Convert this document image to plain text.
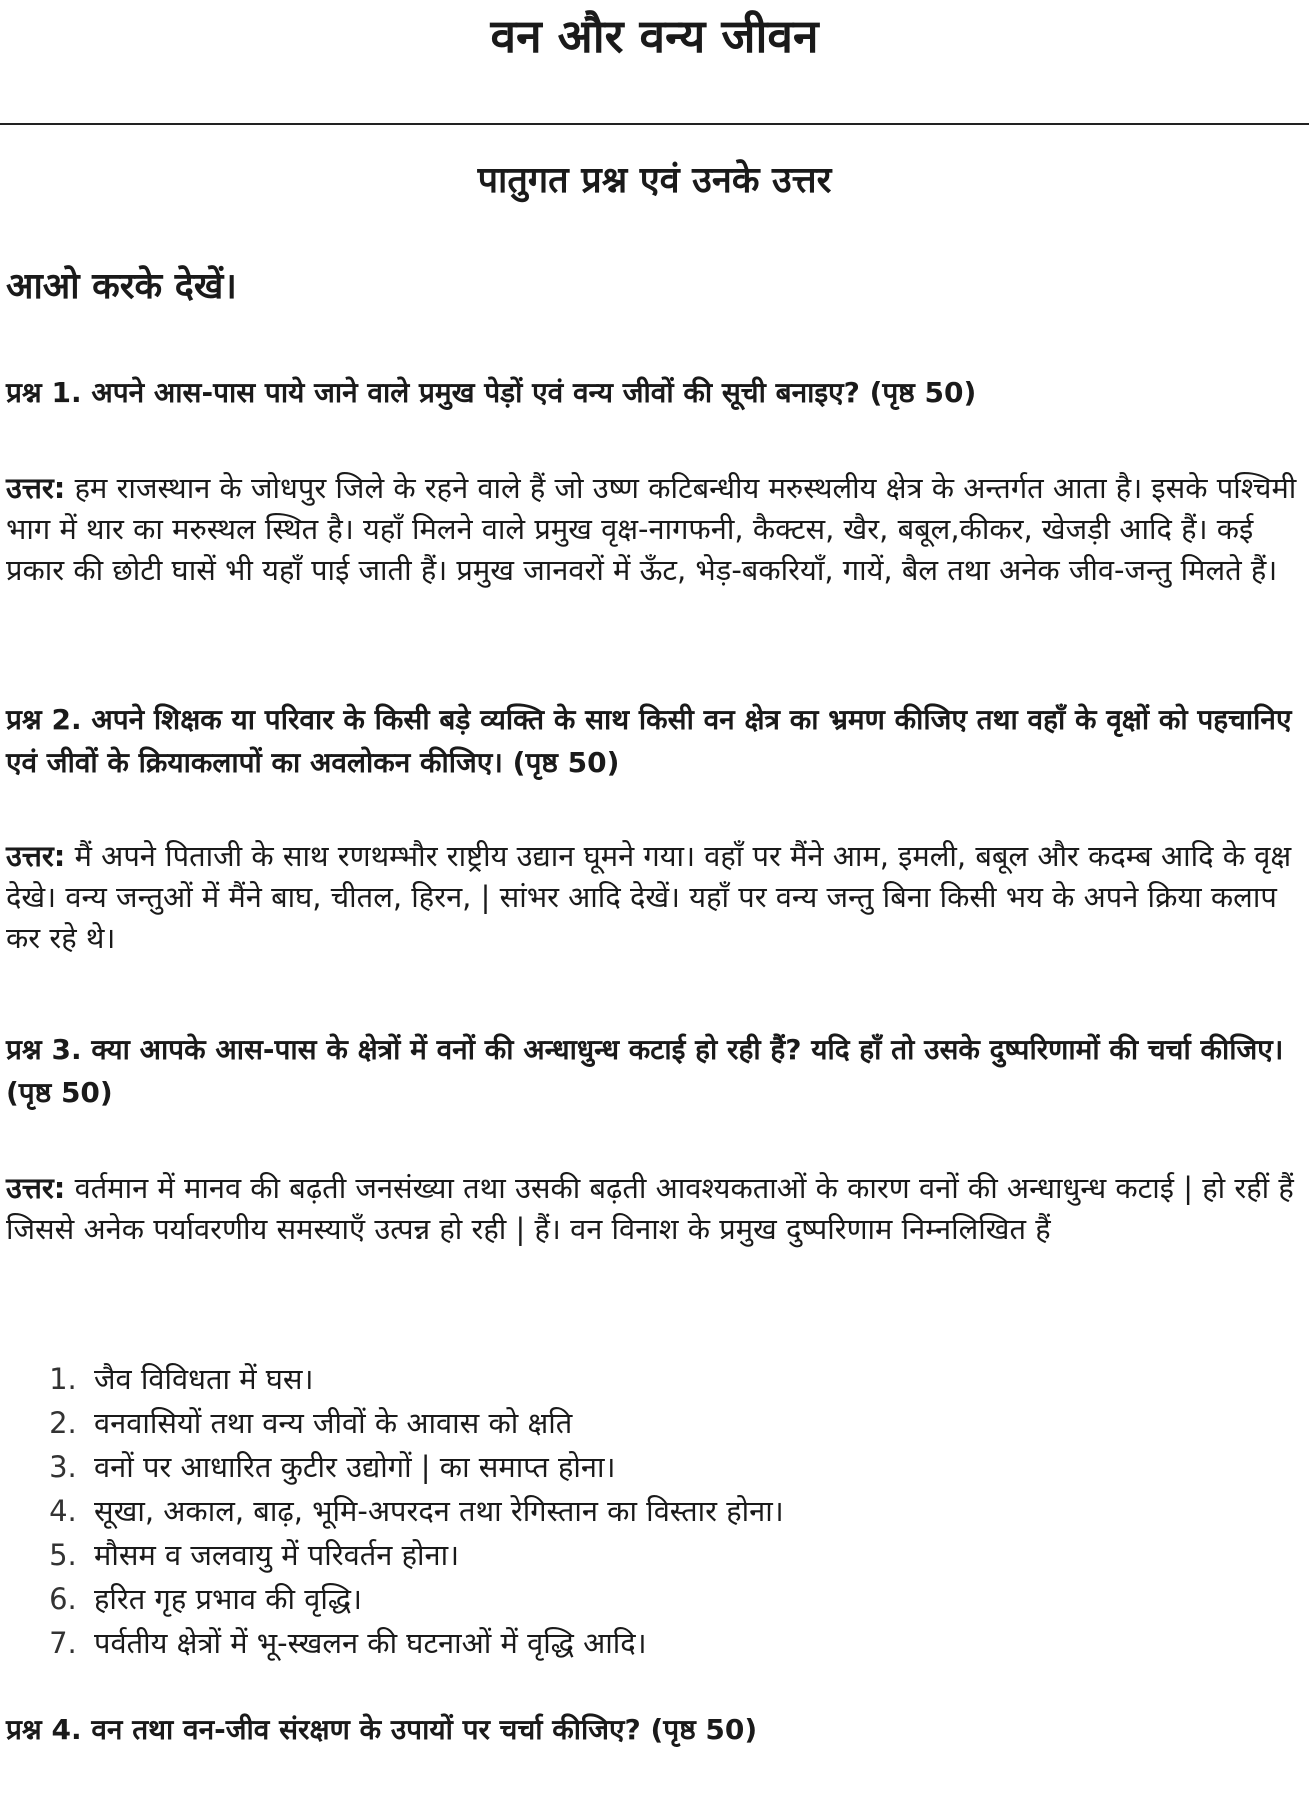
वन और वन्य जीवन
पातुगत प्रश्न एवं उनके उत्तर
आओ करके देखें।
प्रश्न 1. अपने आस-पास पाये जाने वाले प्रमुख पेड़ों एवं वन्य जीवों की सूची बनाइए? (पृष्ठ 50)
उत्तर: हम राजस्थान के जोधपुर जिले के रहने वाले हैं जो उष्ण कटिबन्धीय मरुस्थलीय क्षेत्र के अन्तर्गत आता है। इसके पश्चिमी भाग में थार का मरुस्थल स्थित है। यहाँ मिलने वाले प्रमुख वृक्ष-नागफनी, कैक्टस, खैर, बबूल,कीकर, खेजड़ी आदि हैं। कई प्रकार की छोटी घासें भी यहाँ पाई जाती हैं। प्रमुख जानवरों में ऊँट, भेड़-बकरियाँ, गायें, बैल तथा अनेक जीव-जन्तु मिलते हैं।
प्रश्न 2. अपने शिक्षक या परिवार के किसी बड़े व्यक्ति के साथ किसी वन क्षेत्र का भ्रमण कीजिए तथा वहाँ के वृक्षों को पहचानिए एवं जीवों के क्रियाकलापों का अवलोकन कीजिए। (पृष्ठ 50)
उत्तर: मैं अपने पिताजी के साथ रणथम्भौर राष्ट्रीय उद्यान घूमने गया। वहाँ पर मैंने आम, इमली, बबूल और कदम्ब आदि के वृक्ष देखे। वन्य जन्तुओं में मैंने बाघ, चीतल, हिरन, | सांभर आदि देखें। यहाँ पर वन्य जन्तु बिना किसी भय के अपने क्रिया कलाप कर रहे थे।
प्रश्न 3. क्या आपके आस-पास के क्षेत्रों में वनों की अन्धाधुन्ध कटाई हो रही हैं? यदि हाँ तो उसके दुष्परिणामों की चर्चा कीजिए। (पृष्ठ 50)
उत्तर: वर्तमान में मानव की बढ़ती जनसंख्या तथा उसकी बढ़ती आवश्यकताओं के कारण वनों की अन्धाधुन्ध कटाई | हो रहीं हैं जिससे अनेक पर्यावरणीय समस्याएँ उत्पन्न हो रही | हैं। वन विनाश के प्रमुख दुष्परिणाम निम्नलिखित हैं
1. जैव विविधता में घस।
2. वनवासियों तथा वन्य जीवों के आवास को क्षति
3. वनों पर आधारित कुटीर उद्योगों | का समाप्त होना।
4. सूखा, अकाल, बाढ़, भूमि-अपरदन तथा रेगिस्तान का विस्तार होना।
5. मौसम व जलवायु में परिवर्तन होना।
6. हरित गृह प्रभाव की वृद्धि।
7. पर्वतीय क्षेत्रों में भू-स्खलन की घटनाओं में वृद्धि आदि।
प्रश्न 4. वन तथा वन-जीव संरक्षण के उपायों पर चर्चा कीजिए? (पृष्ठ 50)
